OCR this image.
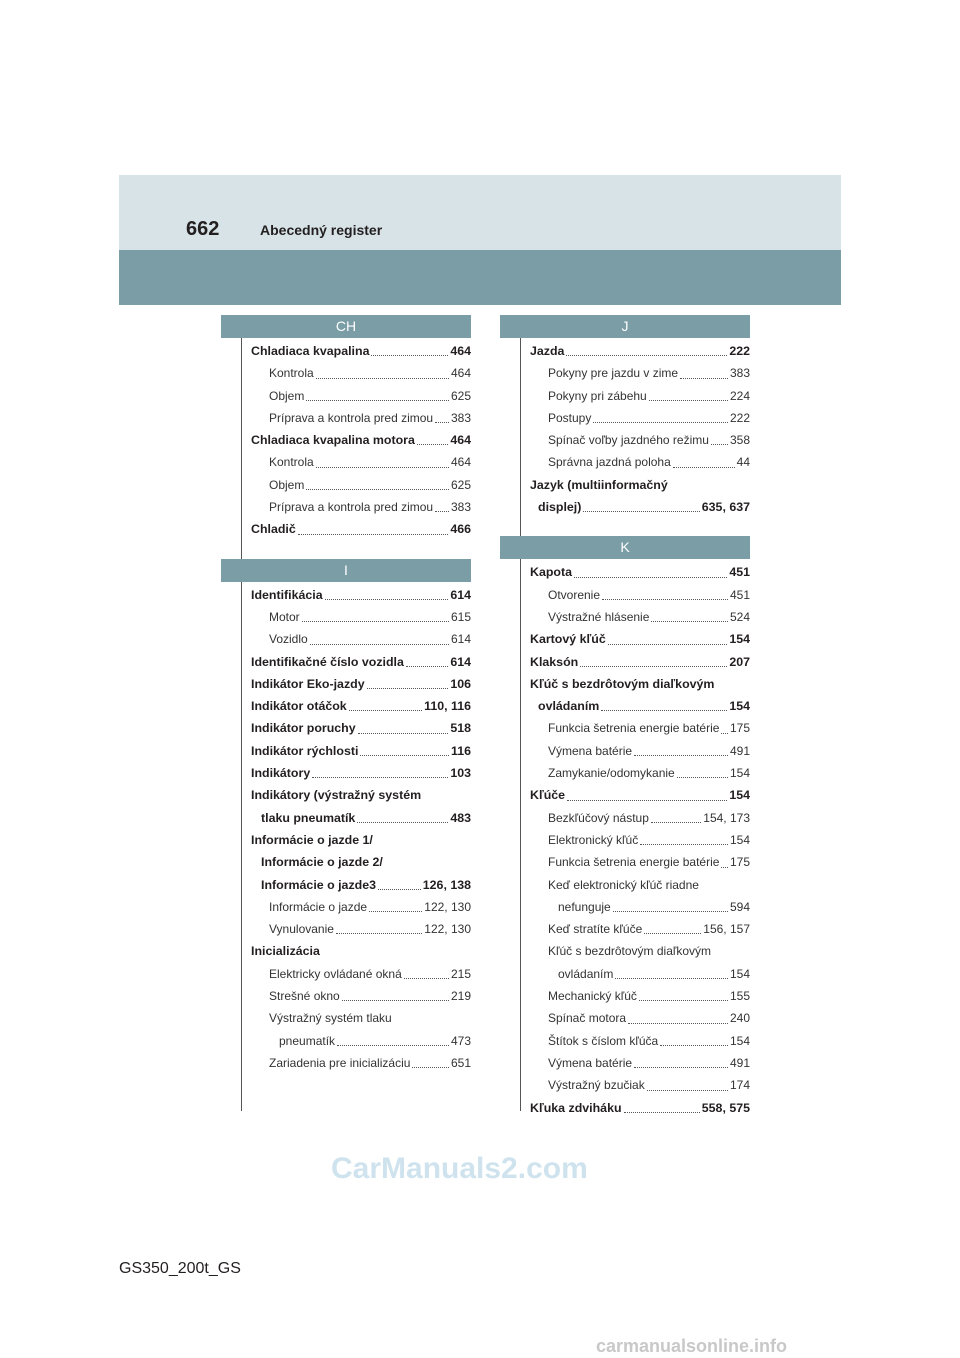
662	Abecedný register
CH
Chladiaca kvapalina	464
Kontrola	464
Objem	625
Príprava a kontrola pred zimou 383
Chladiaca kvapalina motora	464
Kontrola	464
Objem	625
Príprava a kontrola pred zimou 383
Chladič	466
I
Identifikácia	614
Motor	615
Vozidlo	614
Identifikačné číslo vozidla	614
Indikátor Eko-jazdy	106
Indikátor otáčok	110, 116
Indikátor poruchy	518
Indikátor rýchlosti	116
Indikátory	103
Indikátory (výstražný systém
tlaku pneumatík	483
Informácie o jazde 1/
Informácie o jazde 2/
Informácie o jazde3	126, 138
Informácie o jazde	122, 130
Vynulovanie	122, 130
Inicializácia
Elektricky ovládané okná	215
Strešné okno	219
Výstražný systém tlaku
pneumatík	473
Zariadenia pre inicializáciu	651
J
Jazda	222
Pokyny pre jazdu v zime	383
Pokyny pri zábehu	224
Postupy	222
Spínač voľby jazdného režimu 358
Správna jazdná poloha	44
Jazyk (multiinformačný
displej)	635, 637
K
Kapota	451
Otvorenie	451
Výstražné hlásenie	524
Kartový kľúč	154
Klaksón	207
Kľúč s bezdrôtovým diaľkovým
ovládaním	154
Funkcia šetrenia energie batérie 175
Výmena batérie	491
Zamykanie/odomykanie	154
Kľúče	154
Bezkľúčový nástup	154, 173
Elektronický kľúč	154
Funkcia šetrenia energie batérie 175
Keď elektronický kľúč riadne
nefunguje	594
Keď stratíte kľúče	156, 157
Kľúč s bezdrôtovým diaľkovým
ovládaním	154
Mechanický kľúč	155
Spínač motora	240
Štítok s číslom kľúča	154
Výmena batérie	491
Výstražný bzučiak	174
Kľuka zdviháku	558, 575
CarManuals2.com
GS350_200t_GS
carmanualsonline.info
